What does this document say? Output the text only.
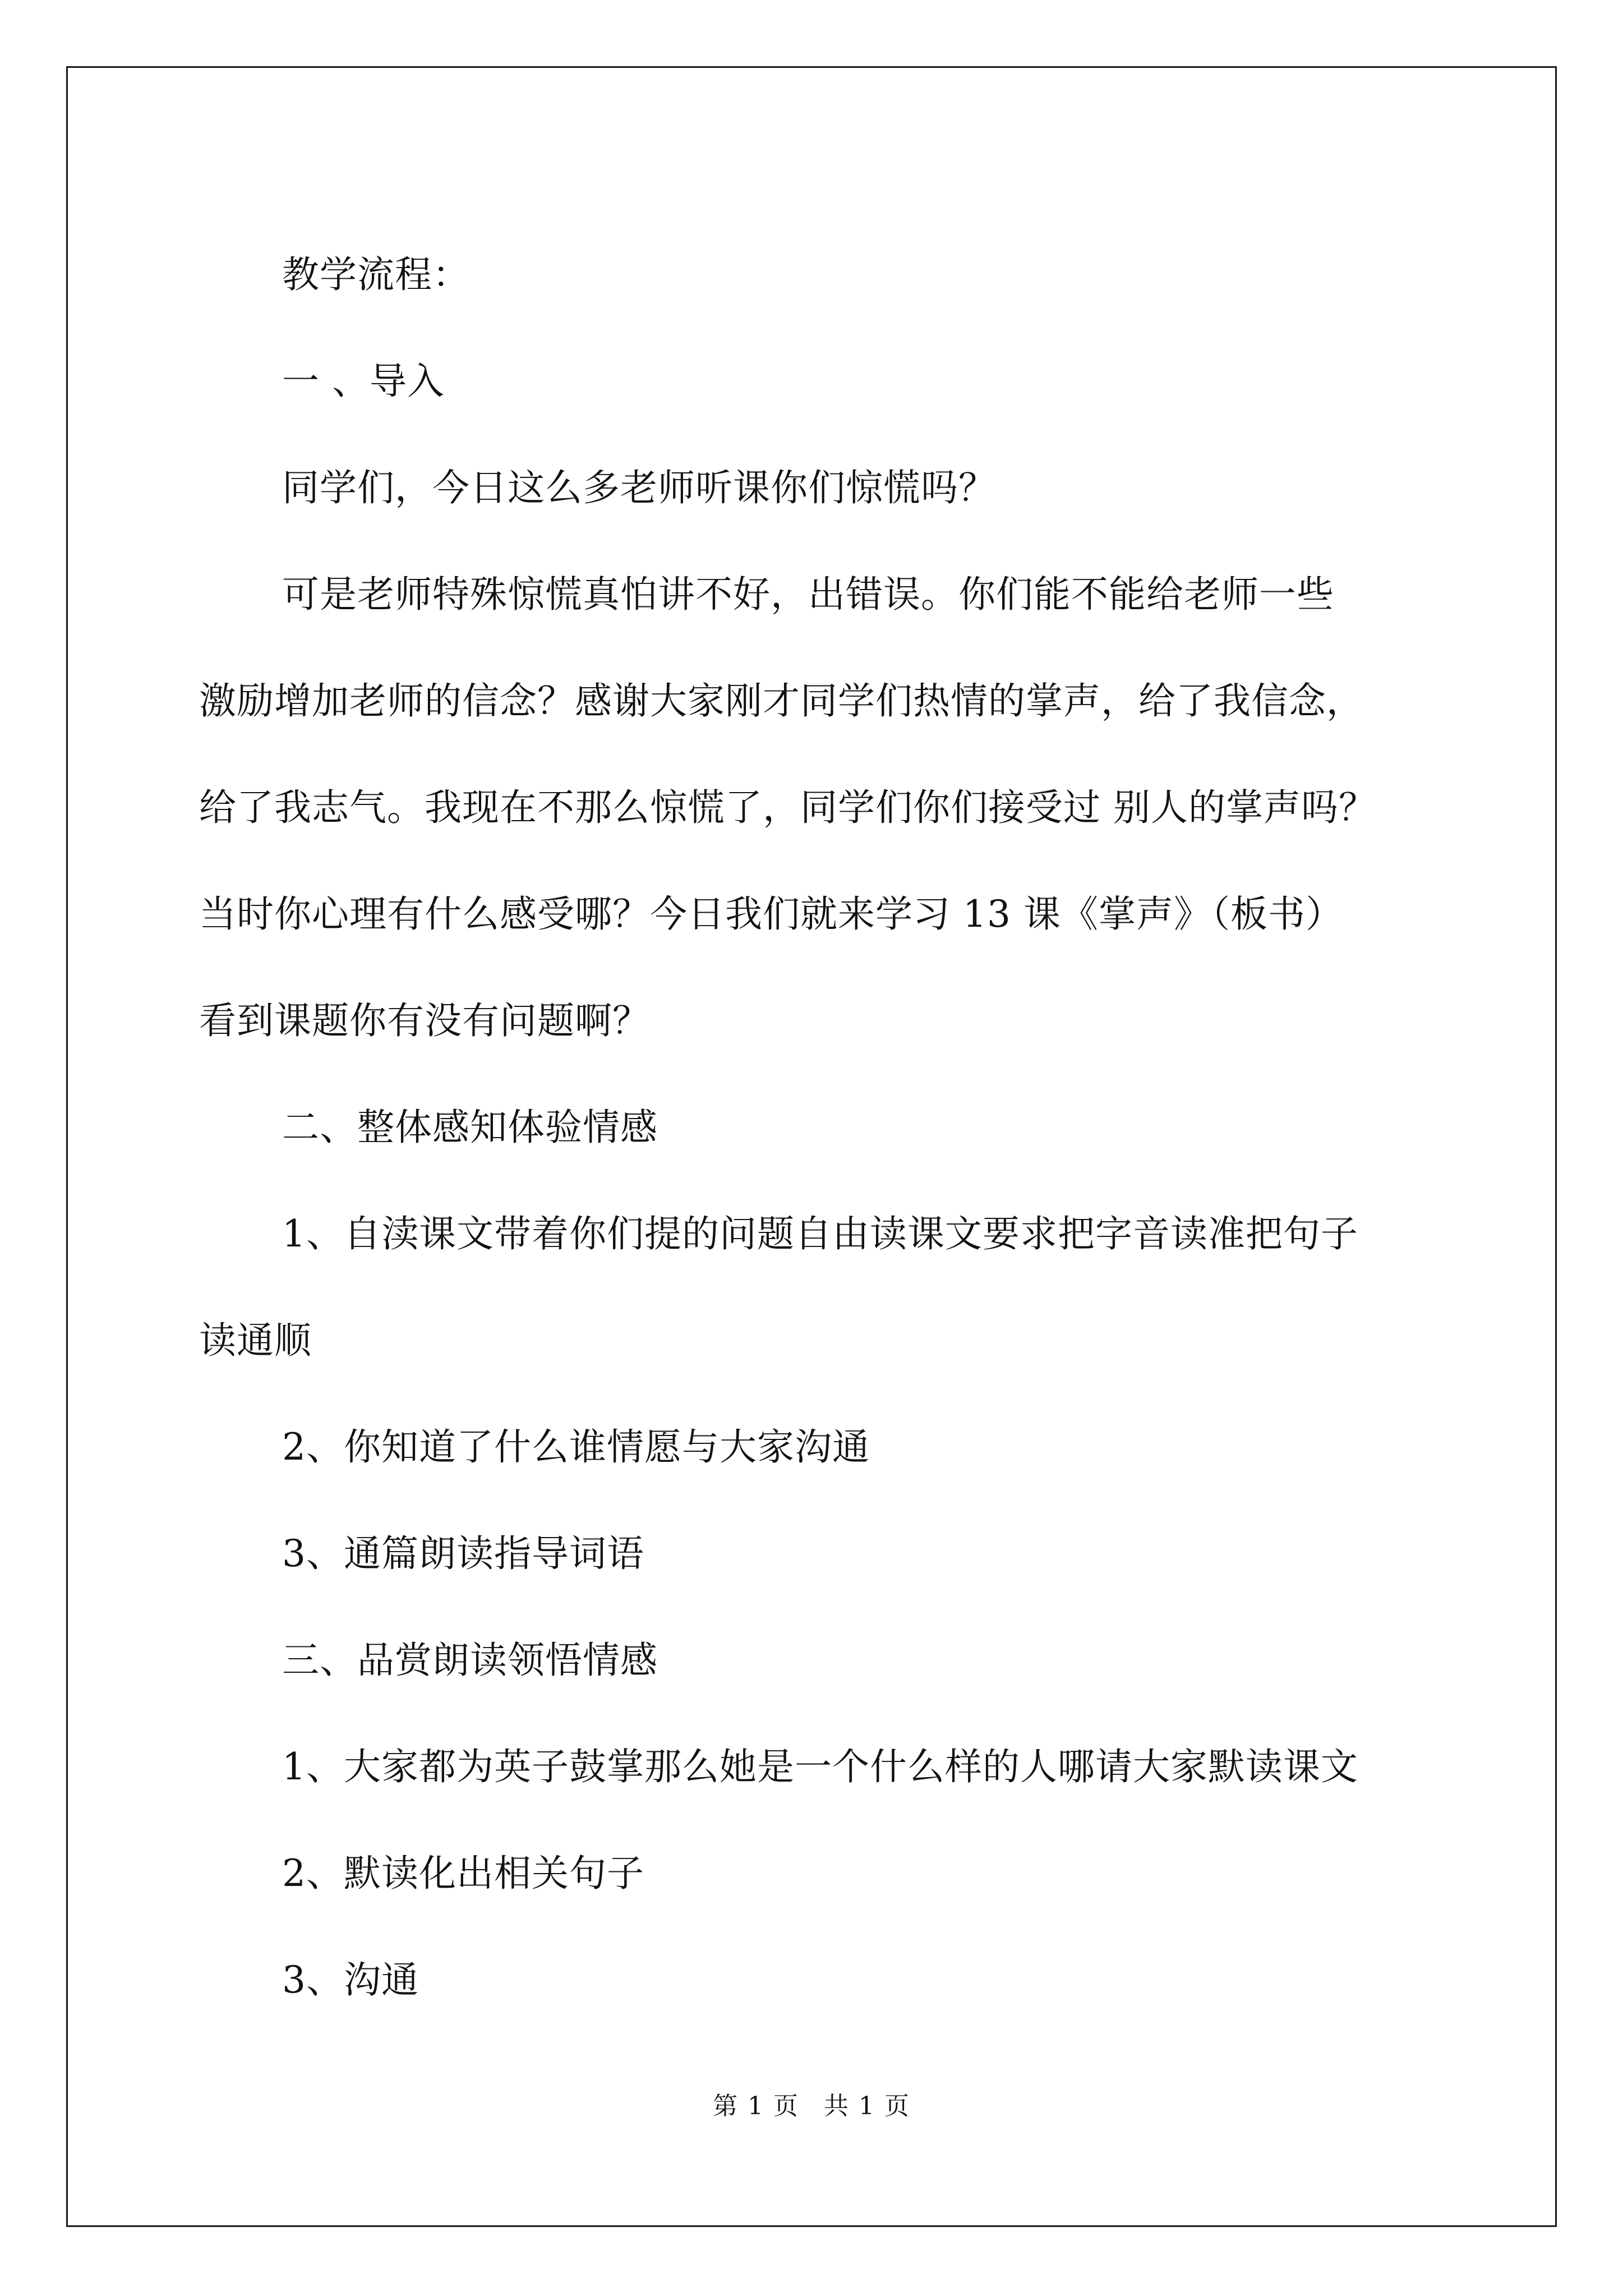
教学流程：

一 、导入

同学们，今日这么多老师听课你们惊慌吗？

可是老师特殊惊慌真怕讲不好，出错误。你们能不能给老师一些

激励增加老师的信念？感谢大家刚才同学们热情的掌声，给了我信念，

给了我志气。我现在不那么惊慌了，同学们你们接受过 别人的掌声吗？

当时你心理有什么感受哪？今日我们就来学习 13 课《掌声》（板书）

看到课题你有没有问题啊？

二、整体感知体验情感

1、自渎课文带着你们提的问题自由读课文要求把字音读准把句子

读通顺

2、你知道了什么谁情愿与大家沟通

3、通篇朗读指导词语

三、品赏朗读领悟情感

1、大家都为英子鼓掌那么她是一个什么样的人哪请大家默读课文

2、默读化出相关句子

3、沟通

第 1 页 共 1 页
